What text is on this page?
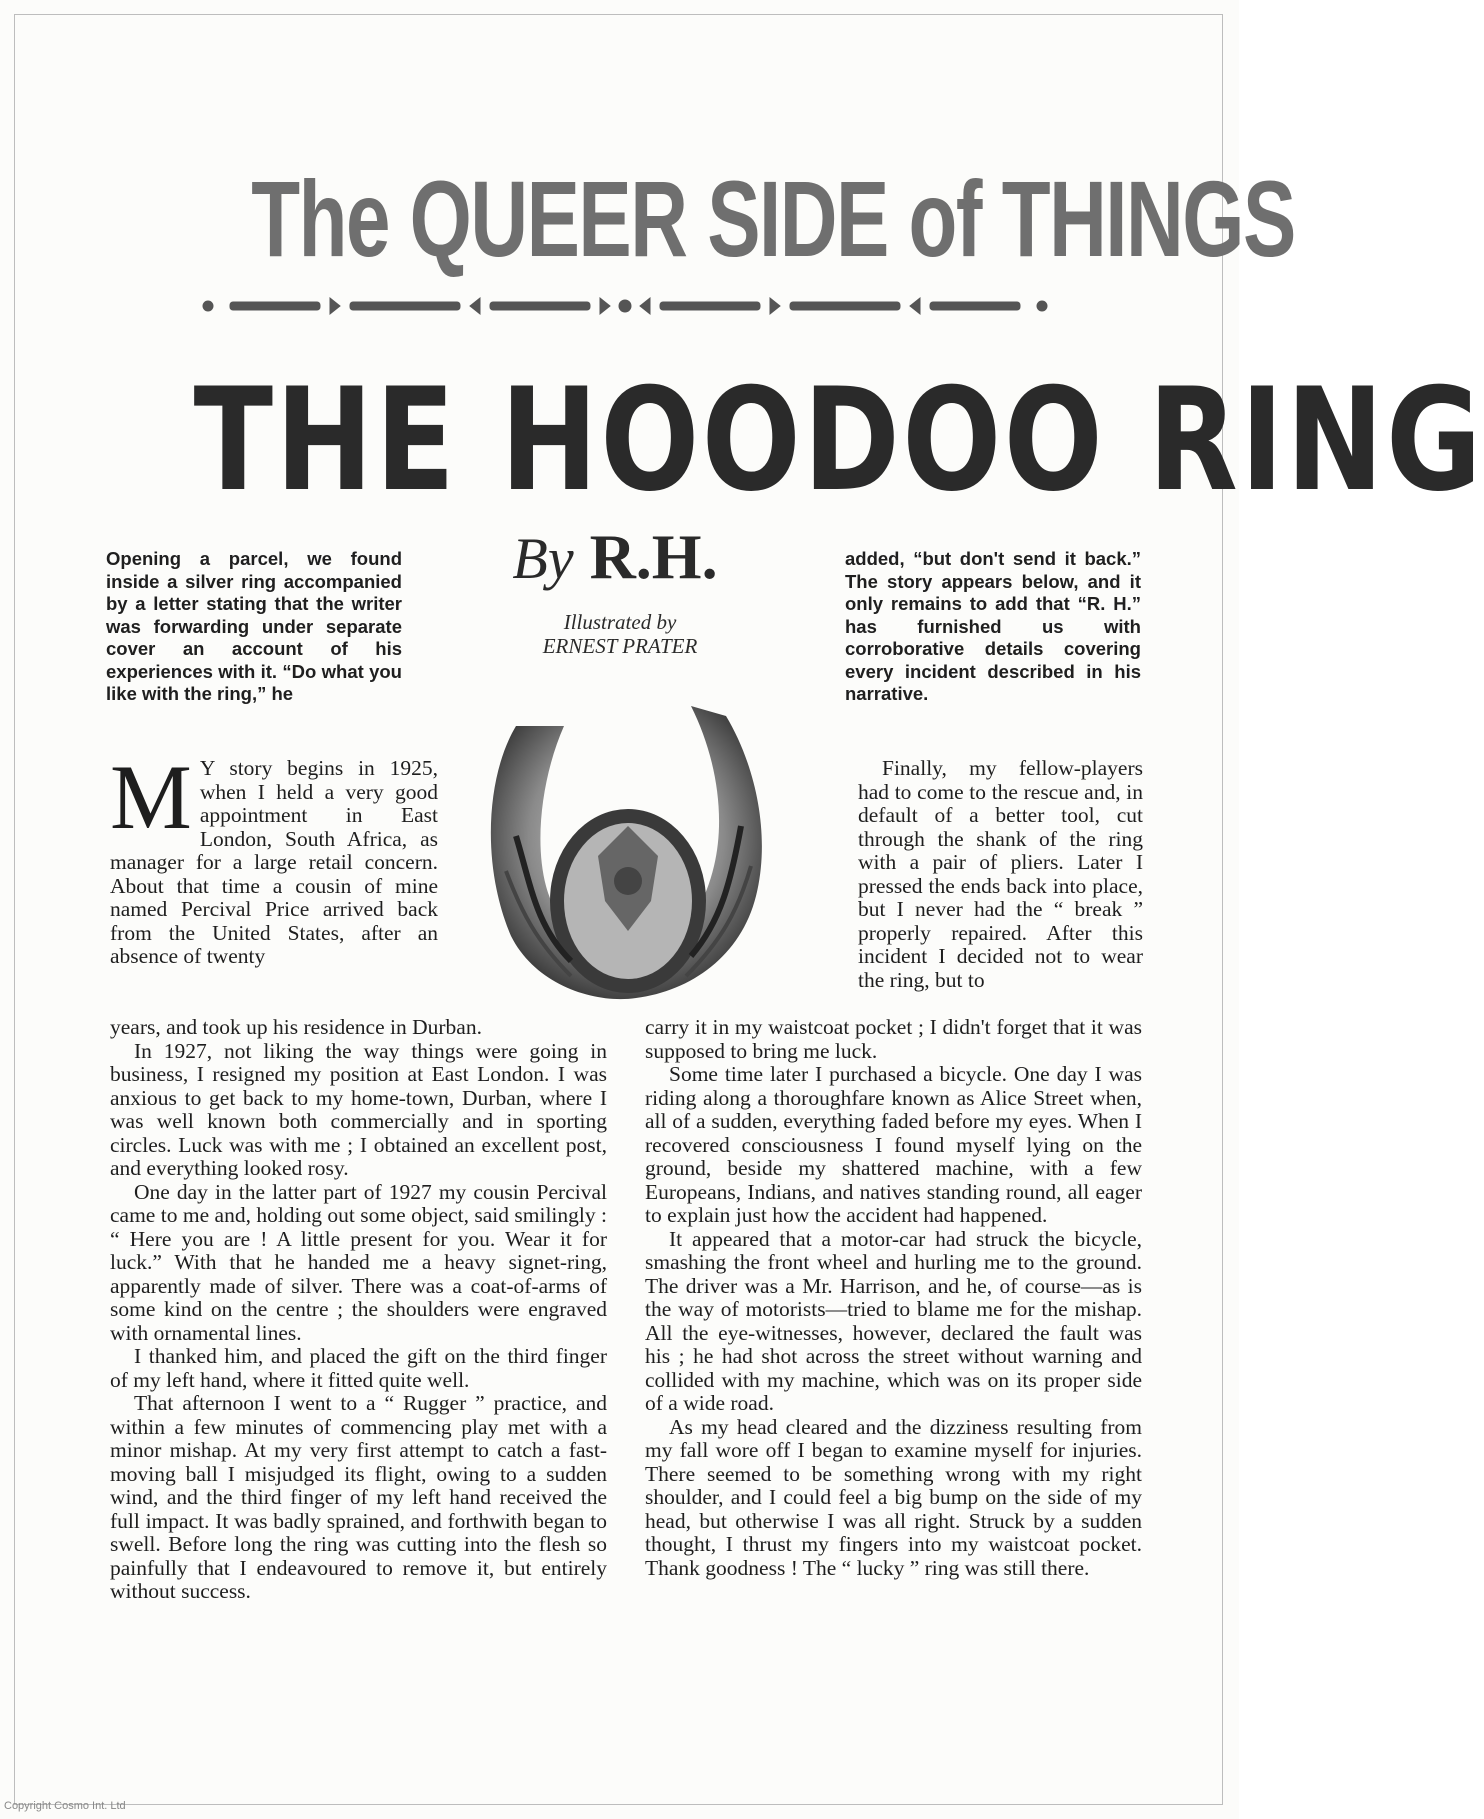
The QUEER SIDE of THINGS
THE HOODOO RING
By R.H.
Illustrated by
ERNEST PRATER
Opening a parcel, we found inside a silver ring accompanied by a letter stating that the writer was forwarding under separate cover an account of his experiences with it. “Do what you like with the ring,” he
added, “but don't send it back.” The story appears below, and it only remains to add that “R. H.” has furnished us with corroborative details covering every incident described in his narrative.

M Y story begins in 1925, when I held a very good appointment in East London, South Africa, as manager for a large retail concern. About that time a cousin of mine named Percival Price arrived back from the United States, after an absence of twenty

years, and took up his residence in Durban.

In 1927, not liking the way things were going in business, I resigned my position at East London. I was anxious to get back to my home-town, Durban, where I was well known both commercially and in sporting circles. Luck was with me ; I obtained an excellent post, and everything looked rosy.

One day in the latter part of 1927 my cousin Percival came to me and, holding out some object, said smilingly : “ Here you are ! A little present for you. Wear it for luck.” With that he handed me a heavy signet-ring, apparently made of silver. There was a coat-of-arms of some kind on the centre ; the shoulders were engraved with ornamental lines.

I thanked him, and placed the gift on the third finger of my left hand, where it fitted quite well.

That afternoon I went to a “ Rugger ” practice, and within a few minutes of commencing play met with a minor mishap. At my very first attempt to catch a fast-moving ball I misjudged its flight, owing to a sudden wind, and the third finger of my left hand received the full impact. It was badly sprained, and forthwith began to swell. Before long the ring was cutting into the flesh so painfully that I endeavoured to remove it, but entirely without success.

Finally, my fellow-players had to come to the rescue and, in default of a better tool, cut through the shank of the ring with a pair of pliers. Later I pressed the ends back into place, but I never had the “ break ” properly repaired. After this incident I decided not to wear the ring, but to

carry it in my waistcoat pocket ; I didn't forget that it was supposed to bring me luck.

Some time later I purchased a bicycle. One day I was riding along a thoroughfare known as Alice Street when, all of a sudden, everything faded before my eyes. When I recovered consciousness I found myself lying on the ground, beside my shattered machine, with a few Europeans, Indians, and natives standing round, all eager to explain just how the accident had happened.

It appeared that a motor-car had struck the bicycle, smashing the front wheel and hurling me to the ground. The driver was a Mr. Harrison, and he, of course—as is the way of motorists—tried to blame me for the mishap. All the eye-witnesses, however, declared the fault was his ; he had shot across the street without warning and collided with my machine, which was on its proper side of a wide road.

As my head cleared and the dizziness resulting from my fall wore off I began to examine myself for injuries. There seemed to be something wrong with my right shoulder, and I could feel a big bump on the side of my head, but otherwise I was all right. Struck by a sudden thought, I thrust my fingers into my waistcoat pocket. Thank goodness ! The “ lucky ” ring was still there.

Copyright Cosmo Int. Ltd
